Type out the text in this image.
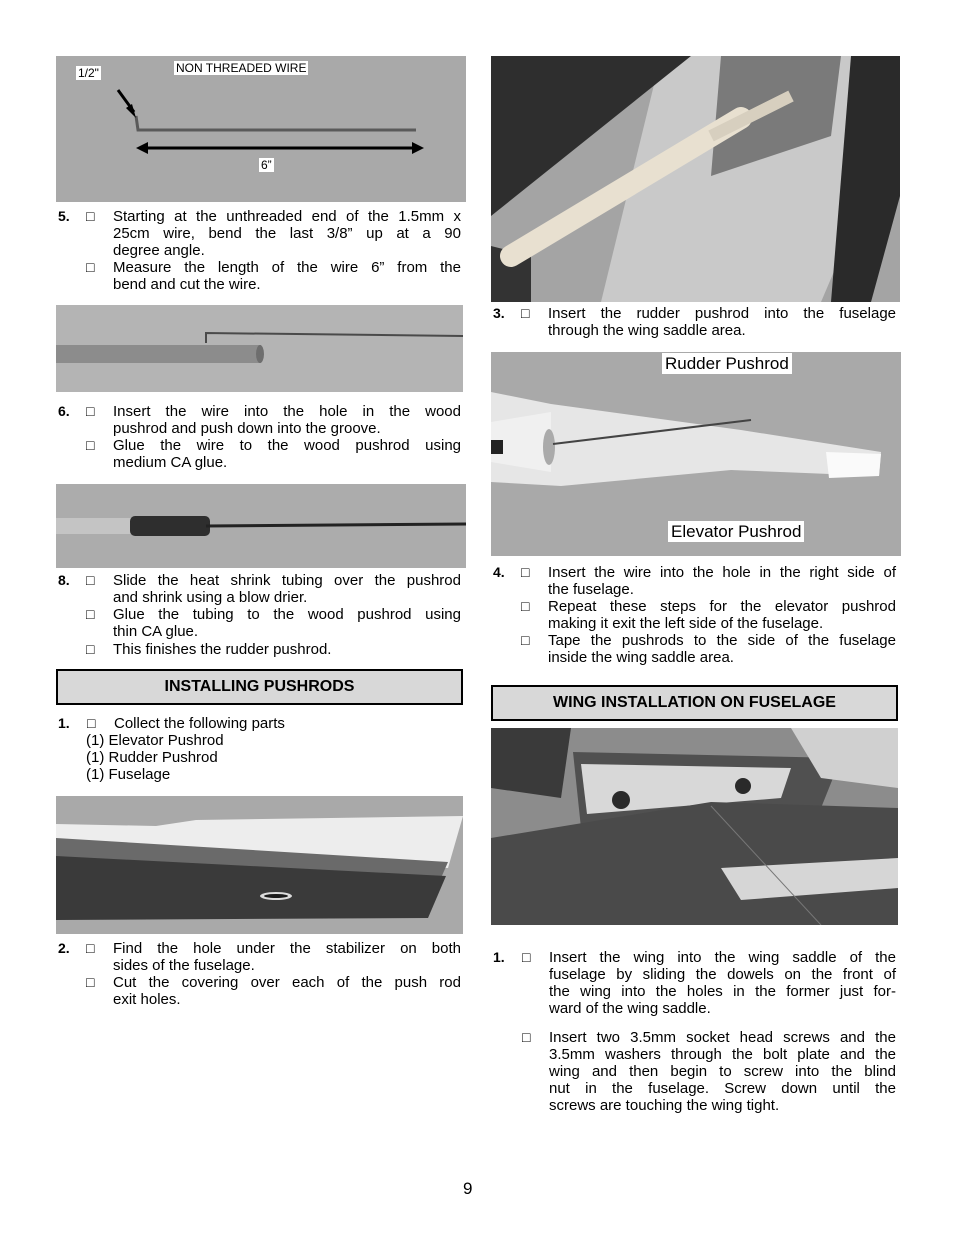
1/2"	NON THREADED WIRE
6”
5. □ Starting at the unthreaded end of the 1.5mm x
25cm wire, bend the last 3/8” up at a 90
degree angle.
□ Measure the length of the wire 6” from the
bend and cut the wire.
6. □ Insert the wire into the hole in the wood
pushrod and push down into the groove.
□ Glue the wire to the wood pushrod using
medium CA glue.
8. □ Slide the heat shrink tubing over the pushrod
and shrink using a blow drier.
□ Glue the tubing to the wood pushrod using
thin CA glue.
□ This finishes the rudder pushrod.
INSTALLING PUSHRODS
1. □ Collect the following parts
(1) Elevator Pushrod
(1) Rudder Pushrod
(1) Fuselage
2. □ Find the hole under the stabilizer on both
sides of the fuselage.
□ Cut the covering over each of the push rod
exit holes.
3. □ Insert the rudder pushrod into the fuselage
through the wing saddle area.
Rudder Pushrod
Elevator Pushrod
4. □ Insert the wire into the hole in the right side of
the fuselage.
□ Repeat these steps for the elevator pushrod
making it exit the left side of the fuselage.
□ Tape the pushrods to the side of the fuselage
inside the wing saddle area.
WING INSTALLATION ON FUSELAGE
1. □ Insert the wing into the wing saddle of the
fuselage by sliding the dowels on the front of
the wing into the holes in the former just for-
ward of the wing saddle.
□ Insert two 3.5mm socket head screws and the
3.5mm washers through the bolt plate and the
wing and then begin to screw into the blind
nut in the fuselage. Screw down until the
screws are touching the wing tight.
9
